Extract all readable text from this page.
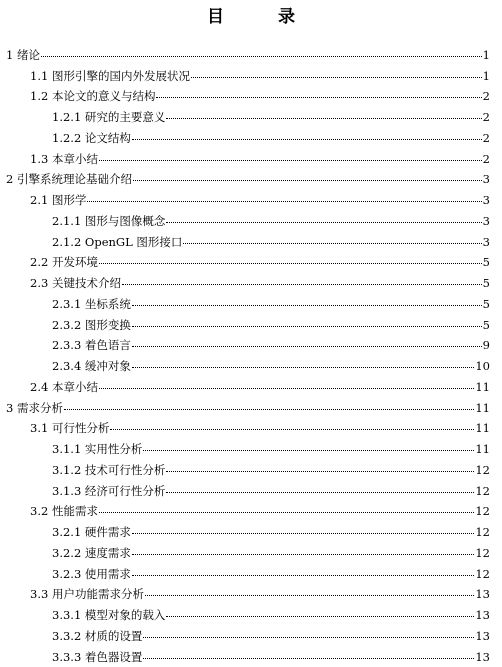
目 录
1 绪论	1
1.1 图形引擎的国内外发展状况	1
1.2 本论文的意义与结构	2
1.2.1 研究的主要意义	2
1.2.2 论文结构	2
1.3 本章小结	2
2 引擎系统理论基础介绍	3
2.1 图形学	3
2.1.1 图形与图像概念	3
2.1.2 OpenGL 图形接口	3
2.2 开发环境	5
2.3 关键技术介绍	5
2.3.1 坐标系统	5
2.3.2 图形变换	5
2.3.3 着色语言	9
2.3.4 缓冲对象	10
2.4 本章小结	11
3 需求分析	11
3.1 可行性分析	11
3.1.1 实用性分析	11
3.1.2 技术可行性分析	12
3.1.3 经济可行性分析	12
3.2 性能需求	12
3.2.1 硬件需求	12
3.2.2 速度需求	12
3.2.3 使用需求	12
3.3 用户功能需求分析	13
3.3.1 模型对象的载入	13
3.3.2 材质的设置	13
3.3.3 着色器设置	13
